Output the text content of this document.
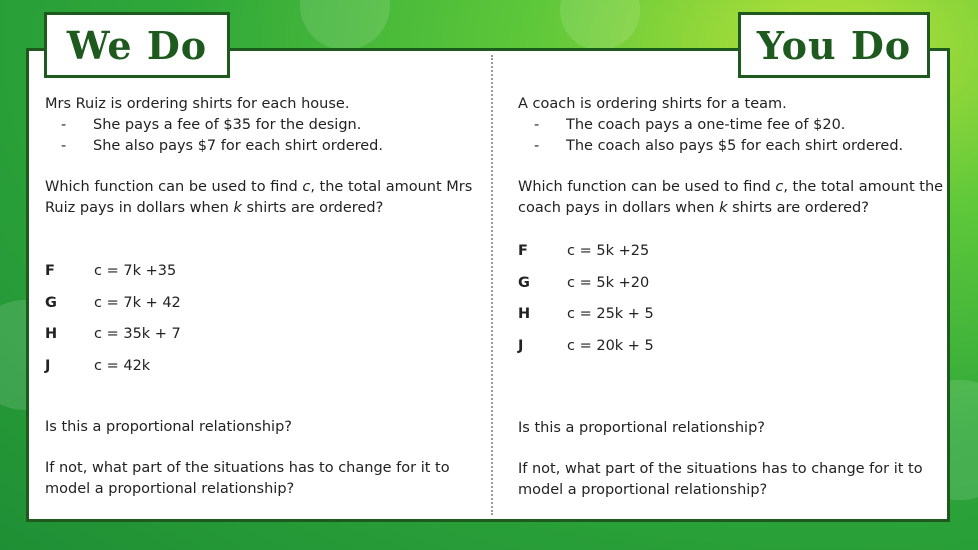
We Do	You Do

Mrs Ruiz is ordering shirts for each house.

-	She pays a fee of $35 for the design.
-	She also pays $7 for each shirt ordered.

Which function can be used to find c, the total amount Mrs Ruiz pays in dollars when k shirts are ordered?

F	c = 7k +35
G	c = 7k + 42
H	c = 35k + 7
J	c = 42k

Is this a proportional relationship?

If not, what part of the situations has to change for it to model a proportional relationship?

A coach is ordering shirts for a team.

-	The coach pays a one-time fee of $20.
-	The coach also pays $5 for each shirt ordered.

Which function can be used to find c, the total amount the coach pays in dollars when k shirts are ordered?

F	c = 5k +25
G	c = 5k +20
H	c = 25k + 5
J	c = 20k + 5

Is this a proportional relationship?

If not, what part of the situations has to change for it to model a proportional relationship?
